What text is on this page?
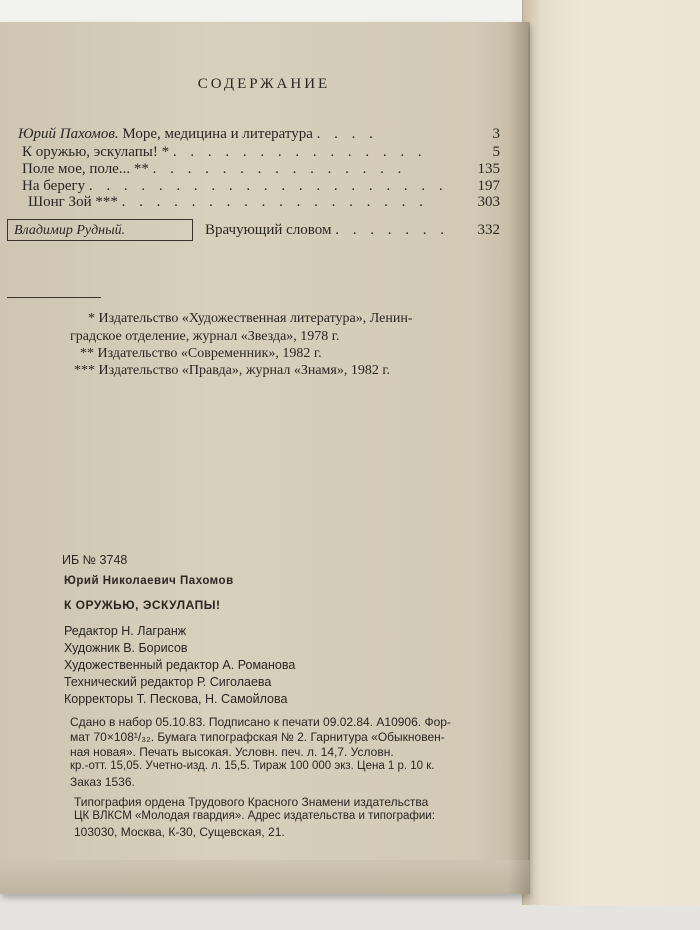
СОДЕРЖАНИЕ
Юрий Пахомов. Море, медицина и литература . . . .	3
К оружью, эскулапы! * . . . . . . . . . . . . . . .	5
Поле мое, поле... ** . . . . . . . . . . . . . . .	135
На берегу . . . . . . . . . . . . . . . . . . . . .	197
Шонг Зой *** . . . . . . . . . . . . . . . . . .	303
Владимир Рудный.	Врачующий словом . . . . . . .	332
* Издательство «Художественная литература», Ленин-
градское отделение, журнал «Звезда», 1978 г.
** Издательство «Современник», 1982 г.
*** Издательство «Правда», журнал «Знамя», 1982 г.
ИБ № 3748
Юрий Николаевич Пахомов
К ОРУЖЬЮ, ЭСКУЛАПЫ!
Редактор Н. Лагранж
Художник В. Борисов
Художественный редактор А. Романова
Технический редактор Р. Сиголаева
Корректоры Т. Пескова, Н. Самойлова
Сдано в набор 05.10.83. Подписано к печати 09.02.84. А10906. Фор-
мат 70×108¹/₃₂. Бумага типографская № 2. Гарнитура «Обыкновен-
ная новая». Печать высокая. Условн. печ. л. 14,7. Условн.
кр.-отт. 15,05. Учетно-изд. л. 15,5. Тираж 100 000 экз. Цена 1 р. 10 к.
Заказ 1536.
Типография ордена Трудового Красного Знамени издательства
ЦК ВЛКСМ «Молодая гвардия». Адрес издательства и типографии:
103030, Москва, К-30, Сущевская, 21.
